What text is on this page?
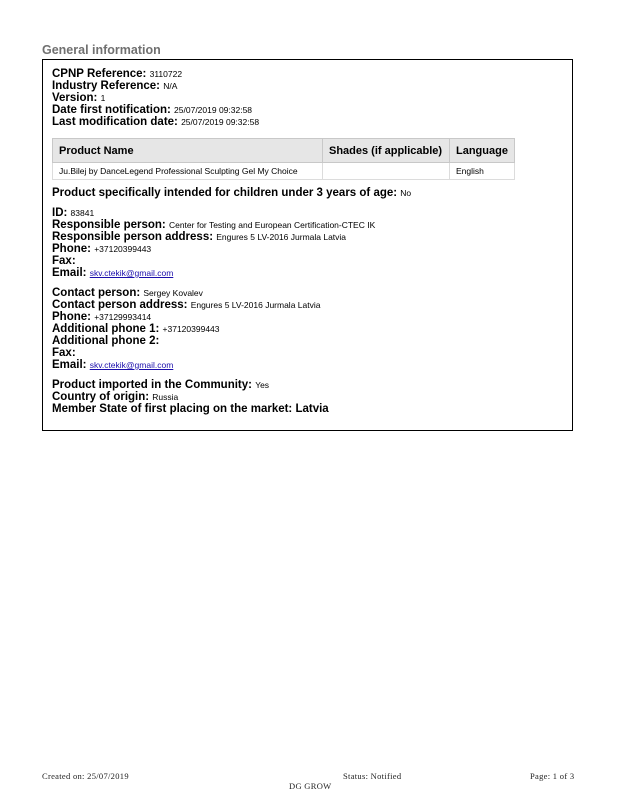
General information
CPNP Reference: 3110722
Industry Reference: N/A
Version: 1
Date first notification: 25/07/2019 09:32:58
Last modification date: 25/07/2019 09:32:58
Product Name	Shades (if applicable)	Language
Ju.Bilej by DanceLegend Professional Sculpting Gel My Choice		English
Product specifically intended for children under 3 years of age: No
ID: 83841
Responsible person: Center for Testing and European Certification-CTEC IK
Responsible person address: Engures 5 LV-2016 Jurmala Latvia
Phone: +37120399443
Fax:
Email: skv.ctekik@gmail.com
Contact person: Sergey Kovalev
Contact person address: Engures 5 LV-2016 Jurmala Latvia
Phone: +37129993414
Additional phone 1: +37120399443
Additional phone 2:
Fax:
Email: skv.ctekik@gmail.com
Product imported in the Community: Yes
Country of origin: Russia
Member State of first placing on the market: Latvia
Created on: 25/07/2019	Status: Notified	Page: 1 of 3
DG GROW
